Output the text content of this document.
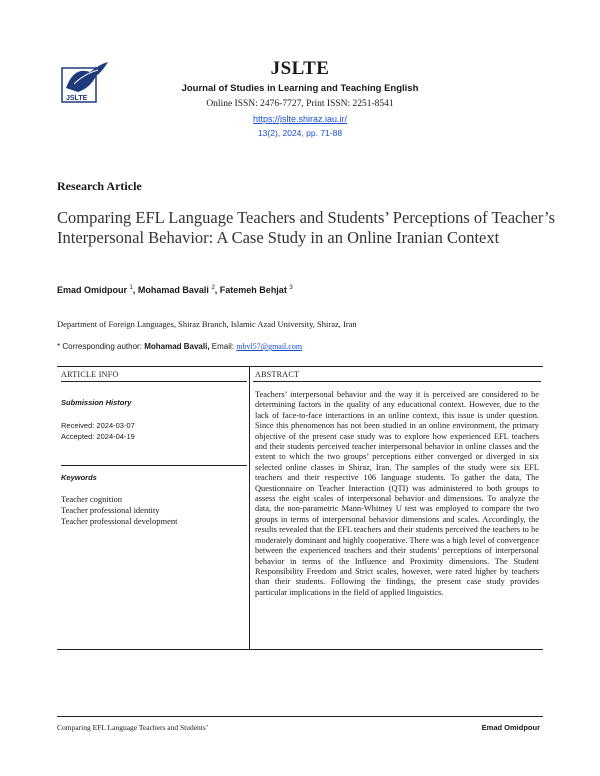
JSLTE
JSLTE
Journal of Studies in Learning and Teaching English
Online ISSN: 2476-7727, Print ISSN: 2251-8541
https://jslte.shiraz.iau.ir/
13(2), 2024, pp. 71-88
Research Article
Comparing EFL Language Teachers and Students’ Perceptions of Teacher’s Interpersonal Behavior: A Case Study in an Online Iranian Context
Emad Omidpour $^1$, Mohamad Bavali $^2$, Fatemeh Behjat $^3$
Department of Foreign Languages, Shiraz Branch, Islamic Azad University, Shiraz, Iran
* Corresponding author: Mohamad Bavali, Email: mbvl57@gmail.com
ARTICLE INFO	ABSTRACT
Submission History
Received: 2024-03-07
Accepted: 2024-04-19
Keywords
Teacher cognition
Teacher professional identity
Teacher professional development
Teachers’ interpersonal behavior and the way it is perceived are considered to be determining factors in the quality of any educational context. However, due to the lack of face-to-face interactions in an online context, this issue is under question. Since this phenomenon has not been studied in an online environment, the primary objective of the present case study was to explore how experienced EFL teachers and their students perceived teacher interpersonal behavior in online classes and the extent to which the two groups’ perceptions either converged or diverged in six selected online classes in Shiraz, Iran. The samples of the study were six EFL teachers and their respective 106 language students. To gather the data, The Questionnaire on Teacher Interaction (QTI) was administered to both groups to assess the eight scales of interpersonal behavior and dimensions. To analyze the data, the non-parametric Mann-Whitney U test was employed to compare the two groups in terms of interpersonal behavior dimensions and scales. Accordingly, the results revealed that the EFL teachers and their students perceived the teachers to be moderately dominant and highly cooperative. There was a high level of convergence between the experienced teachers and their students’ perceptions of interpersonal behavior in terms of the Influence and Proximity dimensions. The Student Responsibility Freedom and Strict scales, however, were rated higher by teachers than their students. Following the findings, the present case study provides particular implications in the field of applied linguistics.
Comparing EFL Language Teachers and Students’	Emad Omidpour
